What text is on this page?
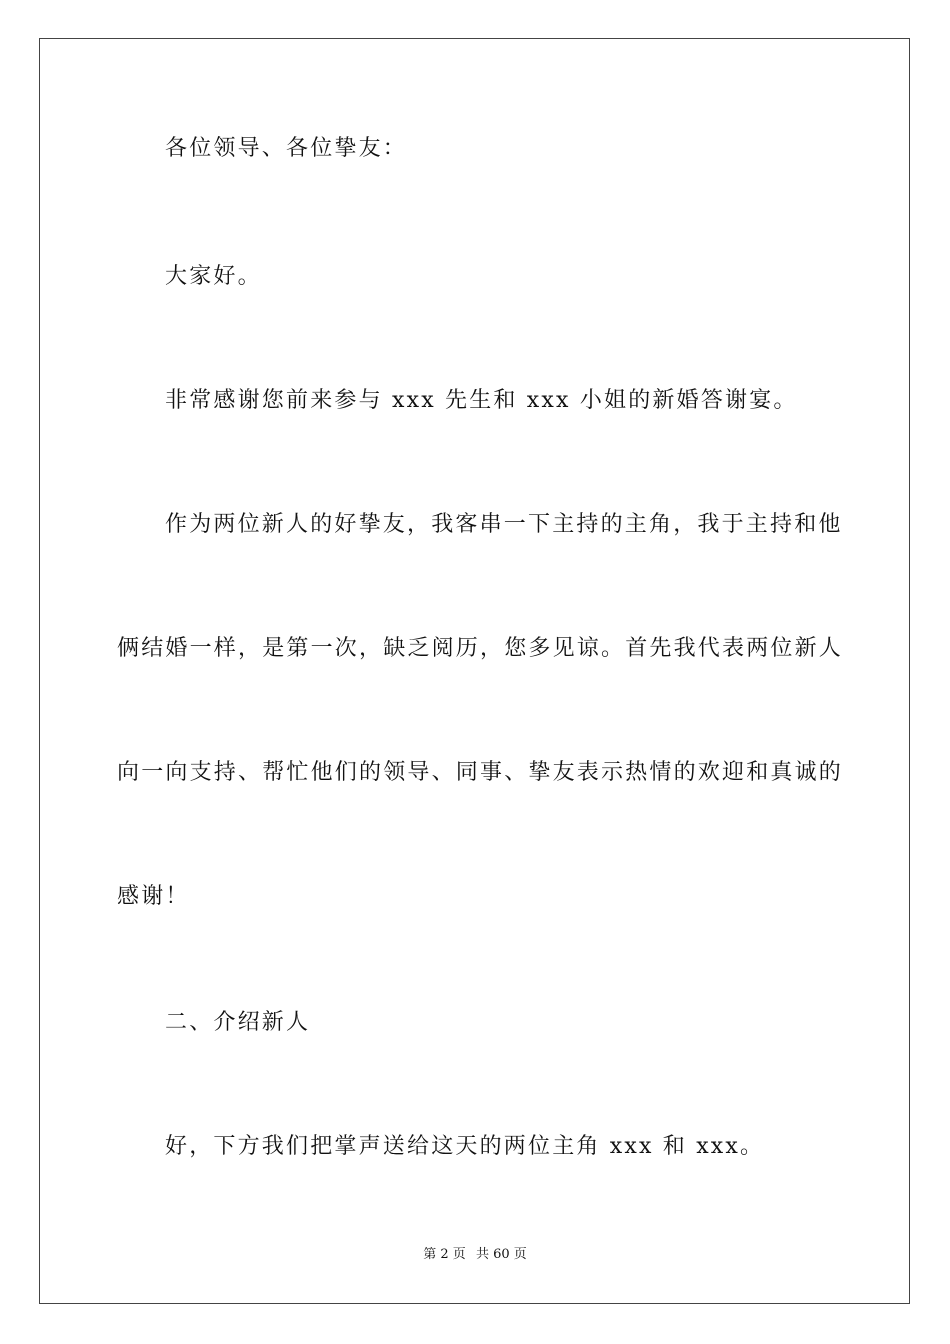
各位领导、各位挚友：
大家好。
非常感谢您前来参与 xxx 先生和 xxx 小姐的新婚答谢宴。
作为两位新人的好挚友，我客串一下主持的主角，我于主持和他
俩结婚一样，是第一次，缺乏阅历，您多见谅。首先我代表两位新人
向一向支持、帮忙他们的领导、同事、挚友表示热情的欢迎和真诚的
感谢！
二、介绍新人
好，下方我们把掌声送给这天的两位主角 xxx 和 xxx。
第 2 页 共 60 页
